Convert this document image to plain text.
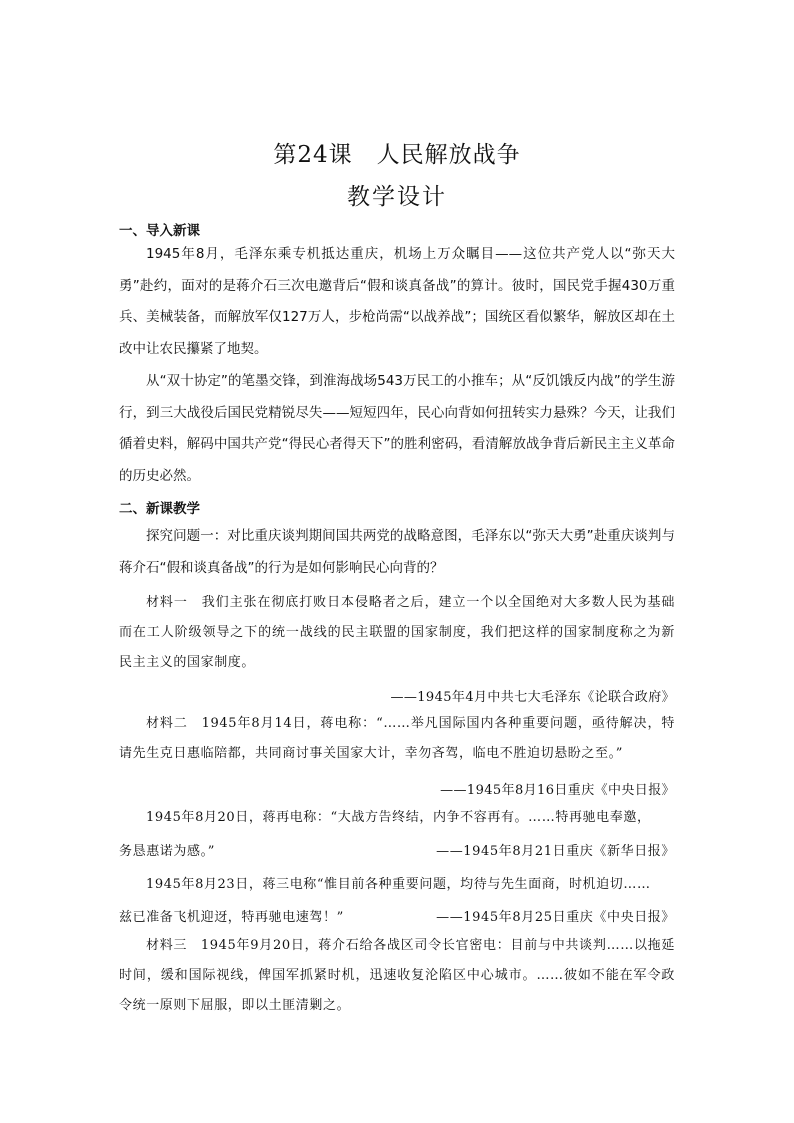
第24课　人民解放战争
教学设计
一、导入新课
1945年8月，毛泽东乘专机抵达重庆，机场上万众瞩目——这位共产党人以“弥天大勇”赴约，面对的是蒋介石三次电邀背后“假和谈真备战”的算计。彼时，国民党手握430万重兵、美械装备，而解放军仅127万人，步枪尚需“以战养战”；国统区看似繁华，解放区却在土改中让农民攥紧了地契。
从“双十协定”的笔墨交锋，到淮海战场543万民工的小推车；从“反饥饿反内战”的学生游行，到三大战役后国民党精锐尽失——短短四年，民心向背如何扭转实力悬殊？今天，让我们循着史料，解码中国共产党“得民心者得天下”的胜利密码，看清解放战争背后新民主主义革命的历史必然。
二、新课教学
探究问题一：对比重庆谈判期间国共两党的战略意图，毛泽东以“弥天大勇”赴重庆谈判与蒋介石“假和谈真备战”的行为是如何影响民心向背的？
材料一　我们主张在彻底打败日本侵略者之后，建立一个以全国绝对大多数人民为基础而在工人阶级领导之下的统一战线的民主联盟的国家制度，我们把这样的国家制度称之为新民主主义的国家制度。
——1945年4月中共七大毛泽东《论联合政府》
材料二　1945年8月14日，蒋电称：“……举凡国际国内各种重要问题，亟待解决，特请先生克日惠临陪都，共同商讨事关国家大计，幸勿吝驾，临电不胜迫切悬盼之至。”
——1945年8月16日重庆《中央日报》
1945年8月20日，蒋再电称：“大战方告终结，内争不容再有。……特再驰电奉邀，
务恳惠诺为感。”	——1945年8月21日重庆《新华日报》
1945年8月23日，蒋三电称“惟目前各种重要问题，均待与先生面商，时机迫切……
兹已准备飞机迎迓，特再驰电速驾！”	——1945年8月25日重庆《中央日报》
材料三　1945年9月20日，蒋介石给各战区司令长官密电：目前与中共谈判……以拖延时间，缓和国际视线，俾国军抓紧时机，迅速收复沦陷区中心城市。……彼如不能在军令政令统一原则下屈服，即以土匪清剿之。
